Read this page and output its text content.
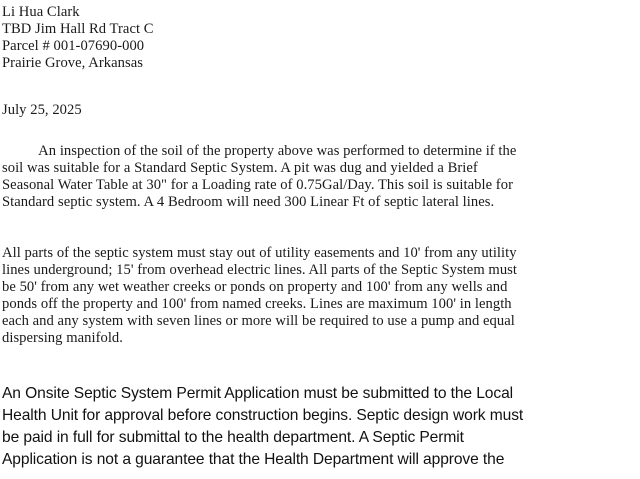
Li Hua Clark
TBD Jim Hall Rd Tract C
Parcel # 001-07690-000
Prairie Grove, Arkansas
July 25, 2025
An inspection of the soil of the property above was performed to determine if the
soil was suitable for a Standard Septic System. A pit was dug and yielded a Brief
Seasonal Water Table at 30" for a Loading rate of 0.75Gal/Day. This soil is suitable for
Standard septic system. A 4 Bedroom will need 300 Linear Ft of septic lateral lines.
All parts of the septic system must stay out of utility easements and 10' from any utility
lines underground; 15' from overhead electric lines. All parts of the Septic System must
be 50' from any wet weather creeks or ponds on property and 100' from any wells and
ponds off the property and 100' from named creeks. Lines are maximum 100' in length
each and any system with seven lines or more will be required to use a pump and equal
dispersing manifold.
An Onsite Septic System Permit Application must be submitted to the Local
Health Unit for approval before construction begins. Septic design work must
be paid in full for submittal to the health department. A Septic Permit
Application is not a guarantee that the Health Department will approve the
